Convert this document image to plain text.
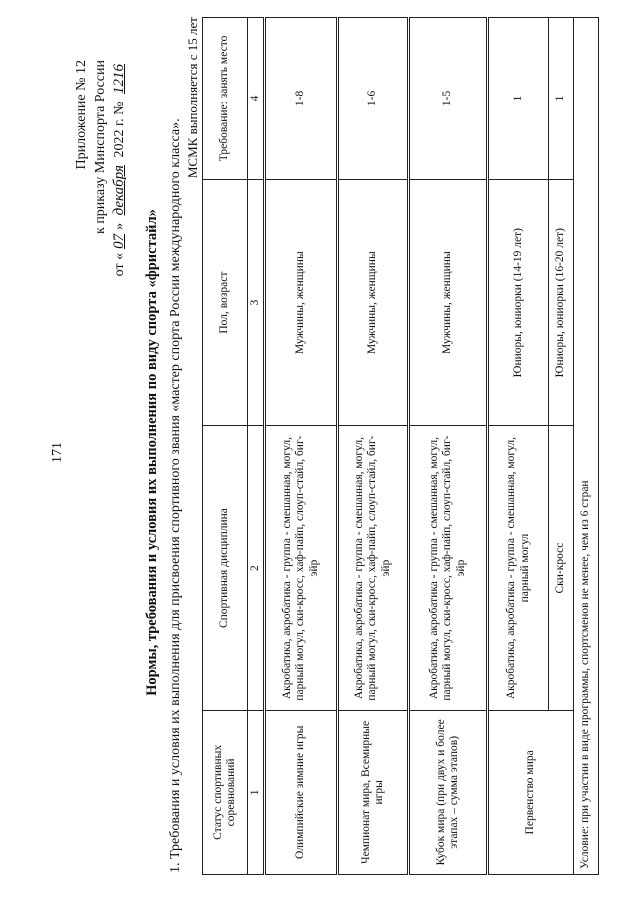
171
Приложение № 12 к приказу Минспорта России
от «07» декабря 2022 г. № 1216
Нормы, требования и условия их выполнения по виду спорта «фристайл» 1. Требования и условия их выполнения для присвоения спортивного звания «мастер спорта России международного класса».
МСМК выполняется с 15 лет
Статус спортивных соревнований	Спортивная дисциплина	Пол, возраст	Требование: занять место
1	2	3	4
Олимпийские зимние игры	Акробатика, акробатика - группа - смешанная, могул, парный могул, ски-кросс, хаф-пайп, слоуп-стайл, биг-эйр	Мужчины, женщины	1-8
Чемпионат мира, Всемирные игры	Акробатика, акробатика - группа - смешанная, могул, парный могул, ски-кросс, хаф-пайп, слоуп-стайл, биг-эйр	Мужчины, женщины	1-6
Кубок мира (при двух и более этапах – сумма этапов)	Акробатика, акробатика - группа - смешанная, могул, парный могул, ски-кросс, хаф-пайп, слоуп-стайл, биг-эйр	Мужчины, женщины	1-5
Первенство мира	Акробатика, акробатика - группа - смешанная, могул, парный могул	Юниоры, юниорки (14-19 лет)	1
	Ски-кросс	Юниоры, юниорки (16-20 лет)	1
Условие: при участии в виде программы, спортсменов не менее, чем из 6 стран			
